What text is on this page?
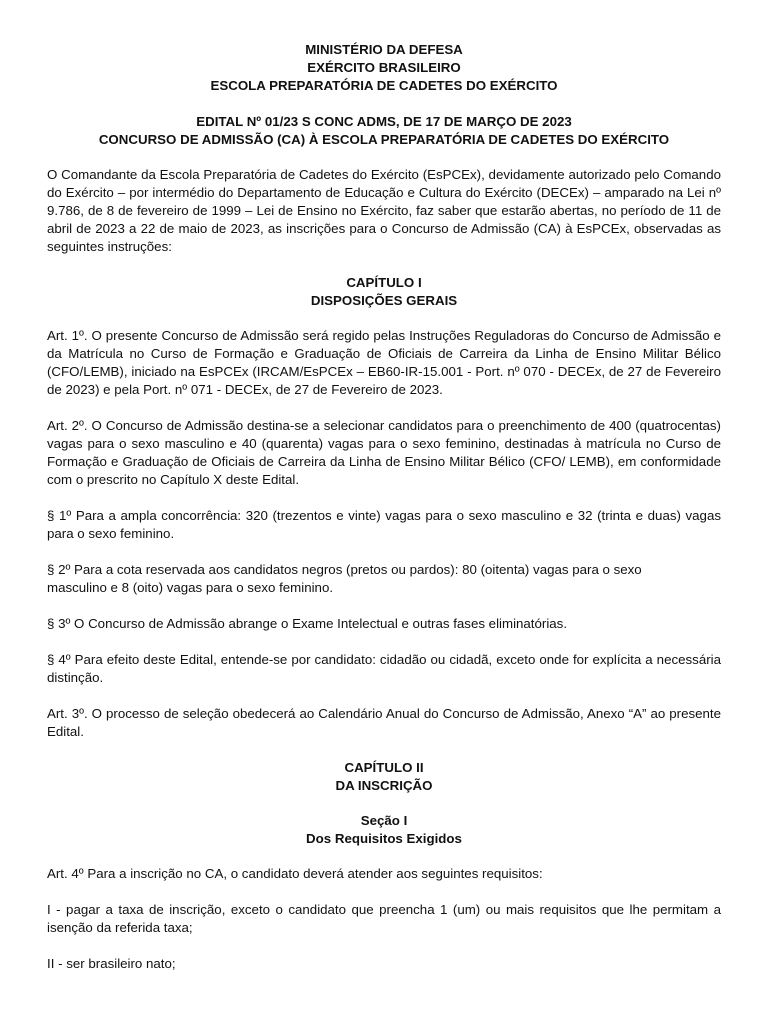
MINISTÉRIO DA DEFESA
EXÉRCITO BRASILEIRO
ESCOLA PREPARATÓRIA DE CADETES DO EXÉRCITO
EDITAL Nº 01/23 S CONC ADMS, DE 17 DE MARÇO DE 2023
CONCURSO DE ADMISSÃO (CA) À ESCOLA PREPARATÓRIA DE CADETES DO EXÉRCITO

O Comandante da Escola Preparatória de Cadetes do Exército (EsPCEx), devidamente autorizado pelo Comando do Exército – por intermédio do Departamento de Educação e Cultura do Exército (DECEx) – amparado na Lei nº 9.786, de 8 de fevereiro de 1999 – Lei de Ensino no Exército, faz saber que estarão abertas, no período de 11 de abril de 2023 a 22 de maio de 2023, as inscrições para o Concurso de Admissão (CA) à EsPCEx, observadas as seguintes instruções:

CAPÍTULO I
DISPOSIÇÕES GERAIS

Art. 1º. O presente Concurso de Admissão será regido pelas Instruções Reguladoras do Concurso de Admissão e da Matrícula no Curso de Formação e Graduação de Oficiais de Carreira da Linha de Ensino Militar Bélico (CFO/LEMB), iniciado na EsPCEx (IRCAM/EsPCEx – EB60-IR-15.001 - Port. nº 070 - DECEx, de 27 de Fevereiro de 2023) e pela Port. nº 071 - DECEx, de 27 de Fevereiro de 2023.

Art. 2º. O Concurso de Admissão destina-se a selecionar candidatos para o preenchimento de 400 (quatrocentas) vagas para o sexo masculino e 40 (quarenta) vagas para o sexo feminino, destinadas à matrícula no Curso de Formação e Graduação de Oficiais de Carreira da Linha de Ensino Militar Bélico (CFO/ LEMB), em conformidade com o prescrito no Capítulo X deste Edital.

§ 1º Para a ampla concorrência: 320 (trezentos e vinte) vagas para o sexo masculino e 32 (trinta e duas) vagas para o sexo feminino.

§ 2º Para a cota reservada aos candidatos negros (pretos ou pardos): 80 (oitenta) vagas para o sexo
masculino e 8 (oito) vagas para o sexo feminino.

§ 3º O Concurso de Admissão abrange o Exame Intelectual e outras fases eliminatórias.

§ 4º Para efeito deste Edital, entende-se por candidato: cidadão ou cidadã, exceto onde for explícita a necessária distinção.

Art. 3º. O processo de seleção obedecerá ao Calendário Anual do Concurso de Admissão, Anexo “A” ao presente Edital.

CAPÍTULO II
DA INSCRIÇÃO
Seção I
Dos Requisitos Exigidos

Art. 4º Para a inscrição no CA, o candidato deverá atender aos seguintes requisitos:

I - pagar a taxa de inscrição, exceto o candidato que preencha 1 (um) ou mais requisitos que lhe permitam a isenção da referida taxa;

II - ser brasileiro nato;
